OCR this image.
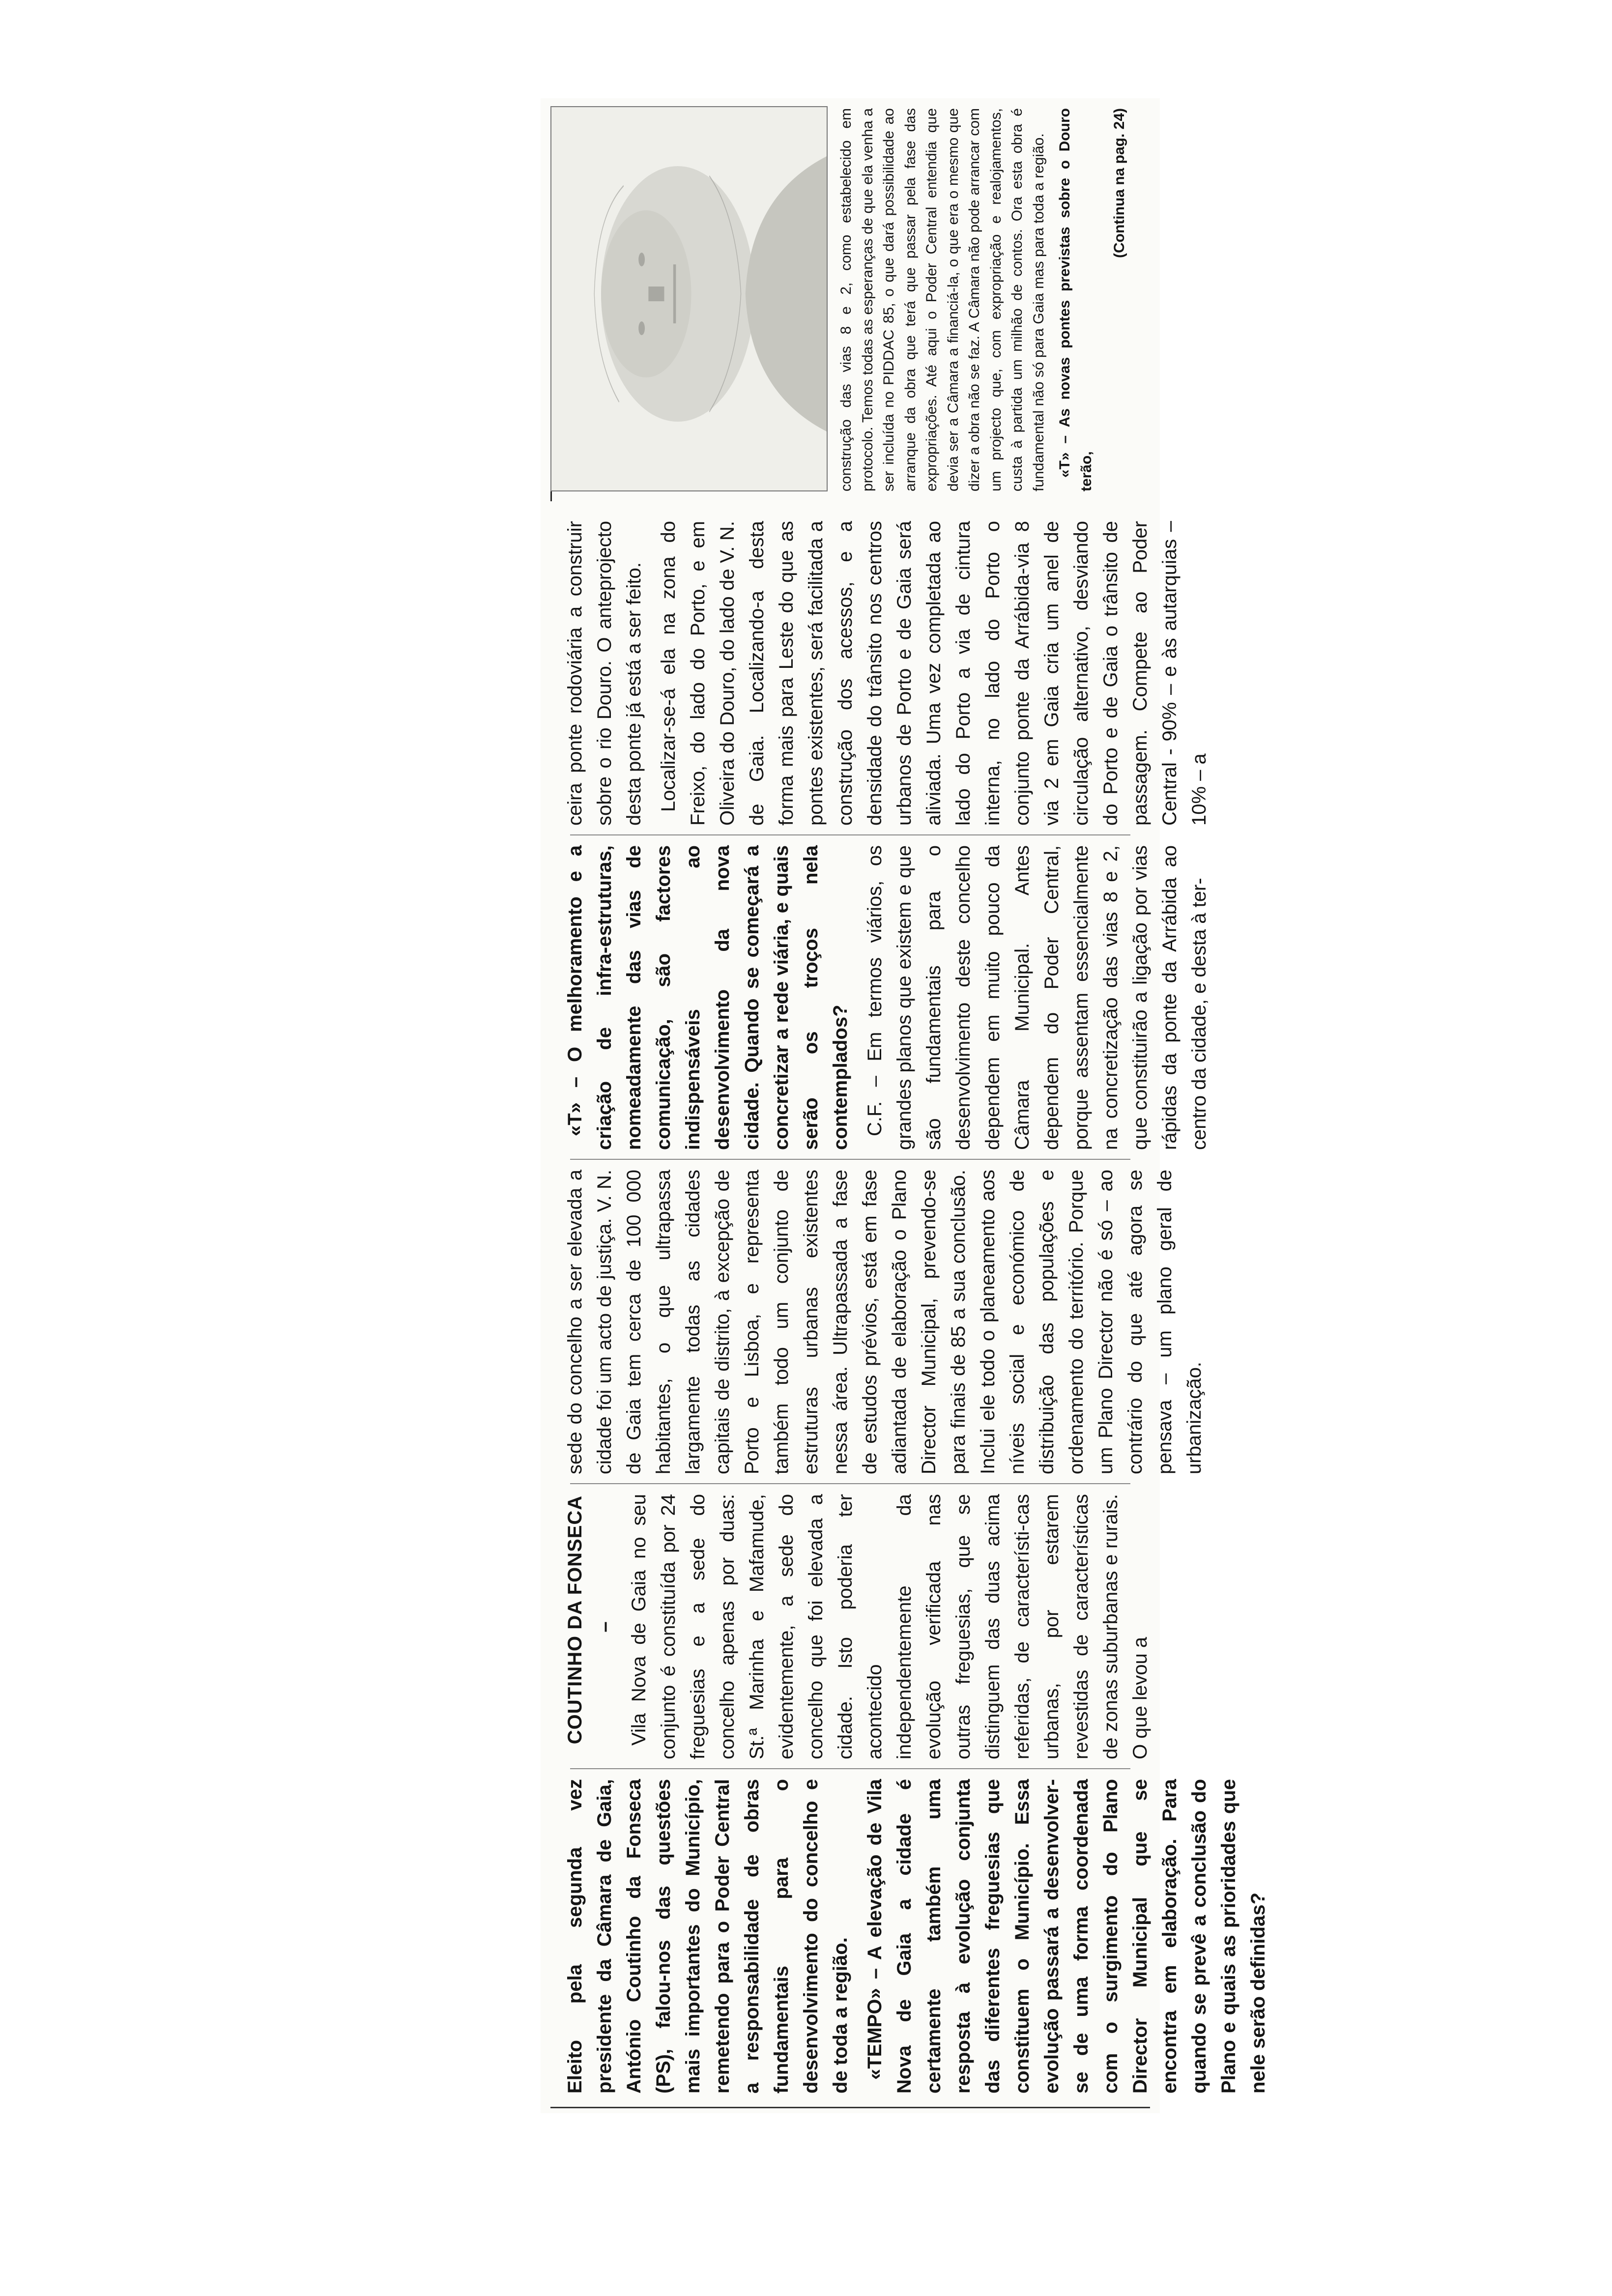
Eleito pela segunda vez presidente da Câmara de Gaia, António Coutinho da Fonseca (PS), falou-nos das questões mais importantes do Município, remetendo para o Poder Central a responsabilidade de obras fundamentais para o desenvolvimento do concelho e de toda a região. «TEMPO» – A elevação de Vila Nova de Gaia a cidade é certamente também uma resposta à evolução conjunta das diferentes freguesias que constituem o Município. Essa evolução passará a desenvolver-se de uma forma coordenada com o surgimento do Plano Director Municipal que se encontra em elaboração. Para quando se prevê a conclusão do Plano e quais as prioridades que nele serão definidas?

COUTINHO DA FONSECA – Vila Nova de Gaia no seu conjunto é constituída por 24 freguesias e a sede do concelho apenas por duas: St.ª Marinha e Mafamude, evidentemente, a sede do concelho que foi elevada a cidade. Isto poderia ter acontecido independentemente da evolução verificada nas outras freguesias, que se distinguem das duas acima referidas, de característi-cas urbanas, por estarem revestidas de características de zonas suburbanas e rurais. O que levou a

sede do concelho a ser elevada a cidade foi um acto de justiça. V. N. de Gaia tem cerca de 100 000 habitantes, o que ultrapassa largamente todas as cidades capitais de distrito, à excepção de Porto e Lisboa, e representa também todo um conjunto de estruturas urbanas existentes nessa área. Ultrapassada a fase de estudos prévios, está em fase adiantada de elaboração o Plano Director Municipal, prevendo-se para finais de 85 a sua conclusão. Inclui ele todo o planeamento aos níveis social e económico de distribuição das populações e ordenamento do território. Porque um Plano Director não é só – ao contrário do que até agora se pensava – um plano geral de urbanização.

«T» – O melhoramento e a criação de infra-estruturas, nomeadamente das vias de comunicação, são factores indispensáveis ao desenvolvimento da nova cidade. Quando se começará a concretizar a rede viária, e quais serão os troços nela contemplados? C.F. – Em termos viários, os grandes planos que existem e que são fundamentais para o desenvolvimento deste concelho dependem em muito pouco da Câmara Municipal. Antes dependem do Poder Central, porque assentam essencialmente na concretização das vias 8 e 2, que constituirão a ligação por vias rápidas da ponte da Arrábida ao centro da cidade, e desta à ter-

ceira ponte rodoviária a construir sobre o rio Douro. O anteprojecto desta ponte já está a ser feito. Localizar-se-á ela na zona do Freixo, do lado do Porto, e em Oliveira do Douro, do lado de V. N. de Gaia. Localizando-a desta forma mais para Leste do que as pontes existentes, será facilitada a construção dos acessos, e a densidade do trânsito nos centros urbanos de Porto e de Gaia será aliviada. Uma vez completada ao lado do Porto a via de cintura interna, no lado do Porto o conjunto ponte da Arrábida-via 8 via 2 em Gaia cria um anel de circulação alternativo, desviando do Porto e de Gaia o trânsito de passagem. Compete ao Poder Central - 90% – e às autarquias – 10% – a

construção das vias 8 e 2, como estabelecido em protocolo. Temos todas as esperanças de que ela venha a ser incluída no PIDDAC 85, o que dará possibilidade ao arranque da obra que terá que passar pela fase das expropriações. Até aqui o Poder Central entendia que devia ser a Câmara a financiá-la, o que era o mesmo que dizer a obra não se faz. A Câmara não pode arrancar com um projecto que, com expropriação e realojamentos, custa à partida um milhão de contos. Ora esta obra é fundamental não só para Gaia mas para toda a região. «T» – As novas pontes previstas sobre o Douro terão,

(Continua na pag. 24)
